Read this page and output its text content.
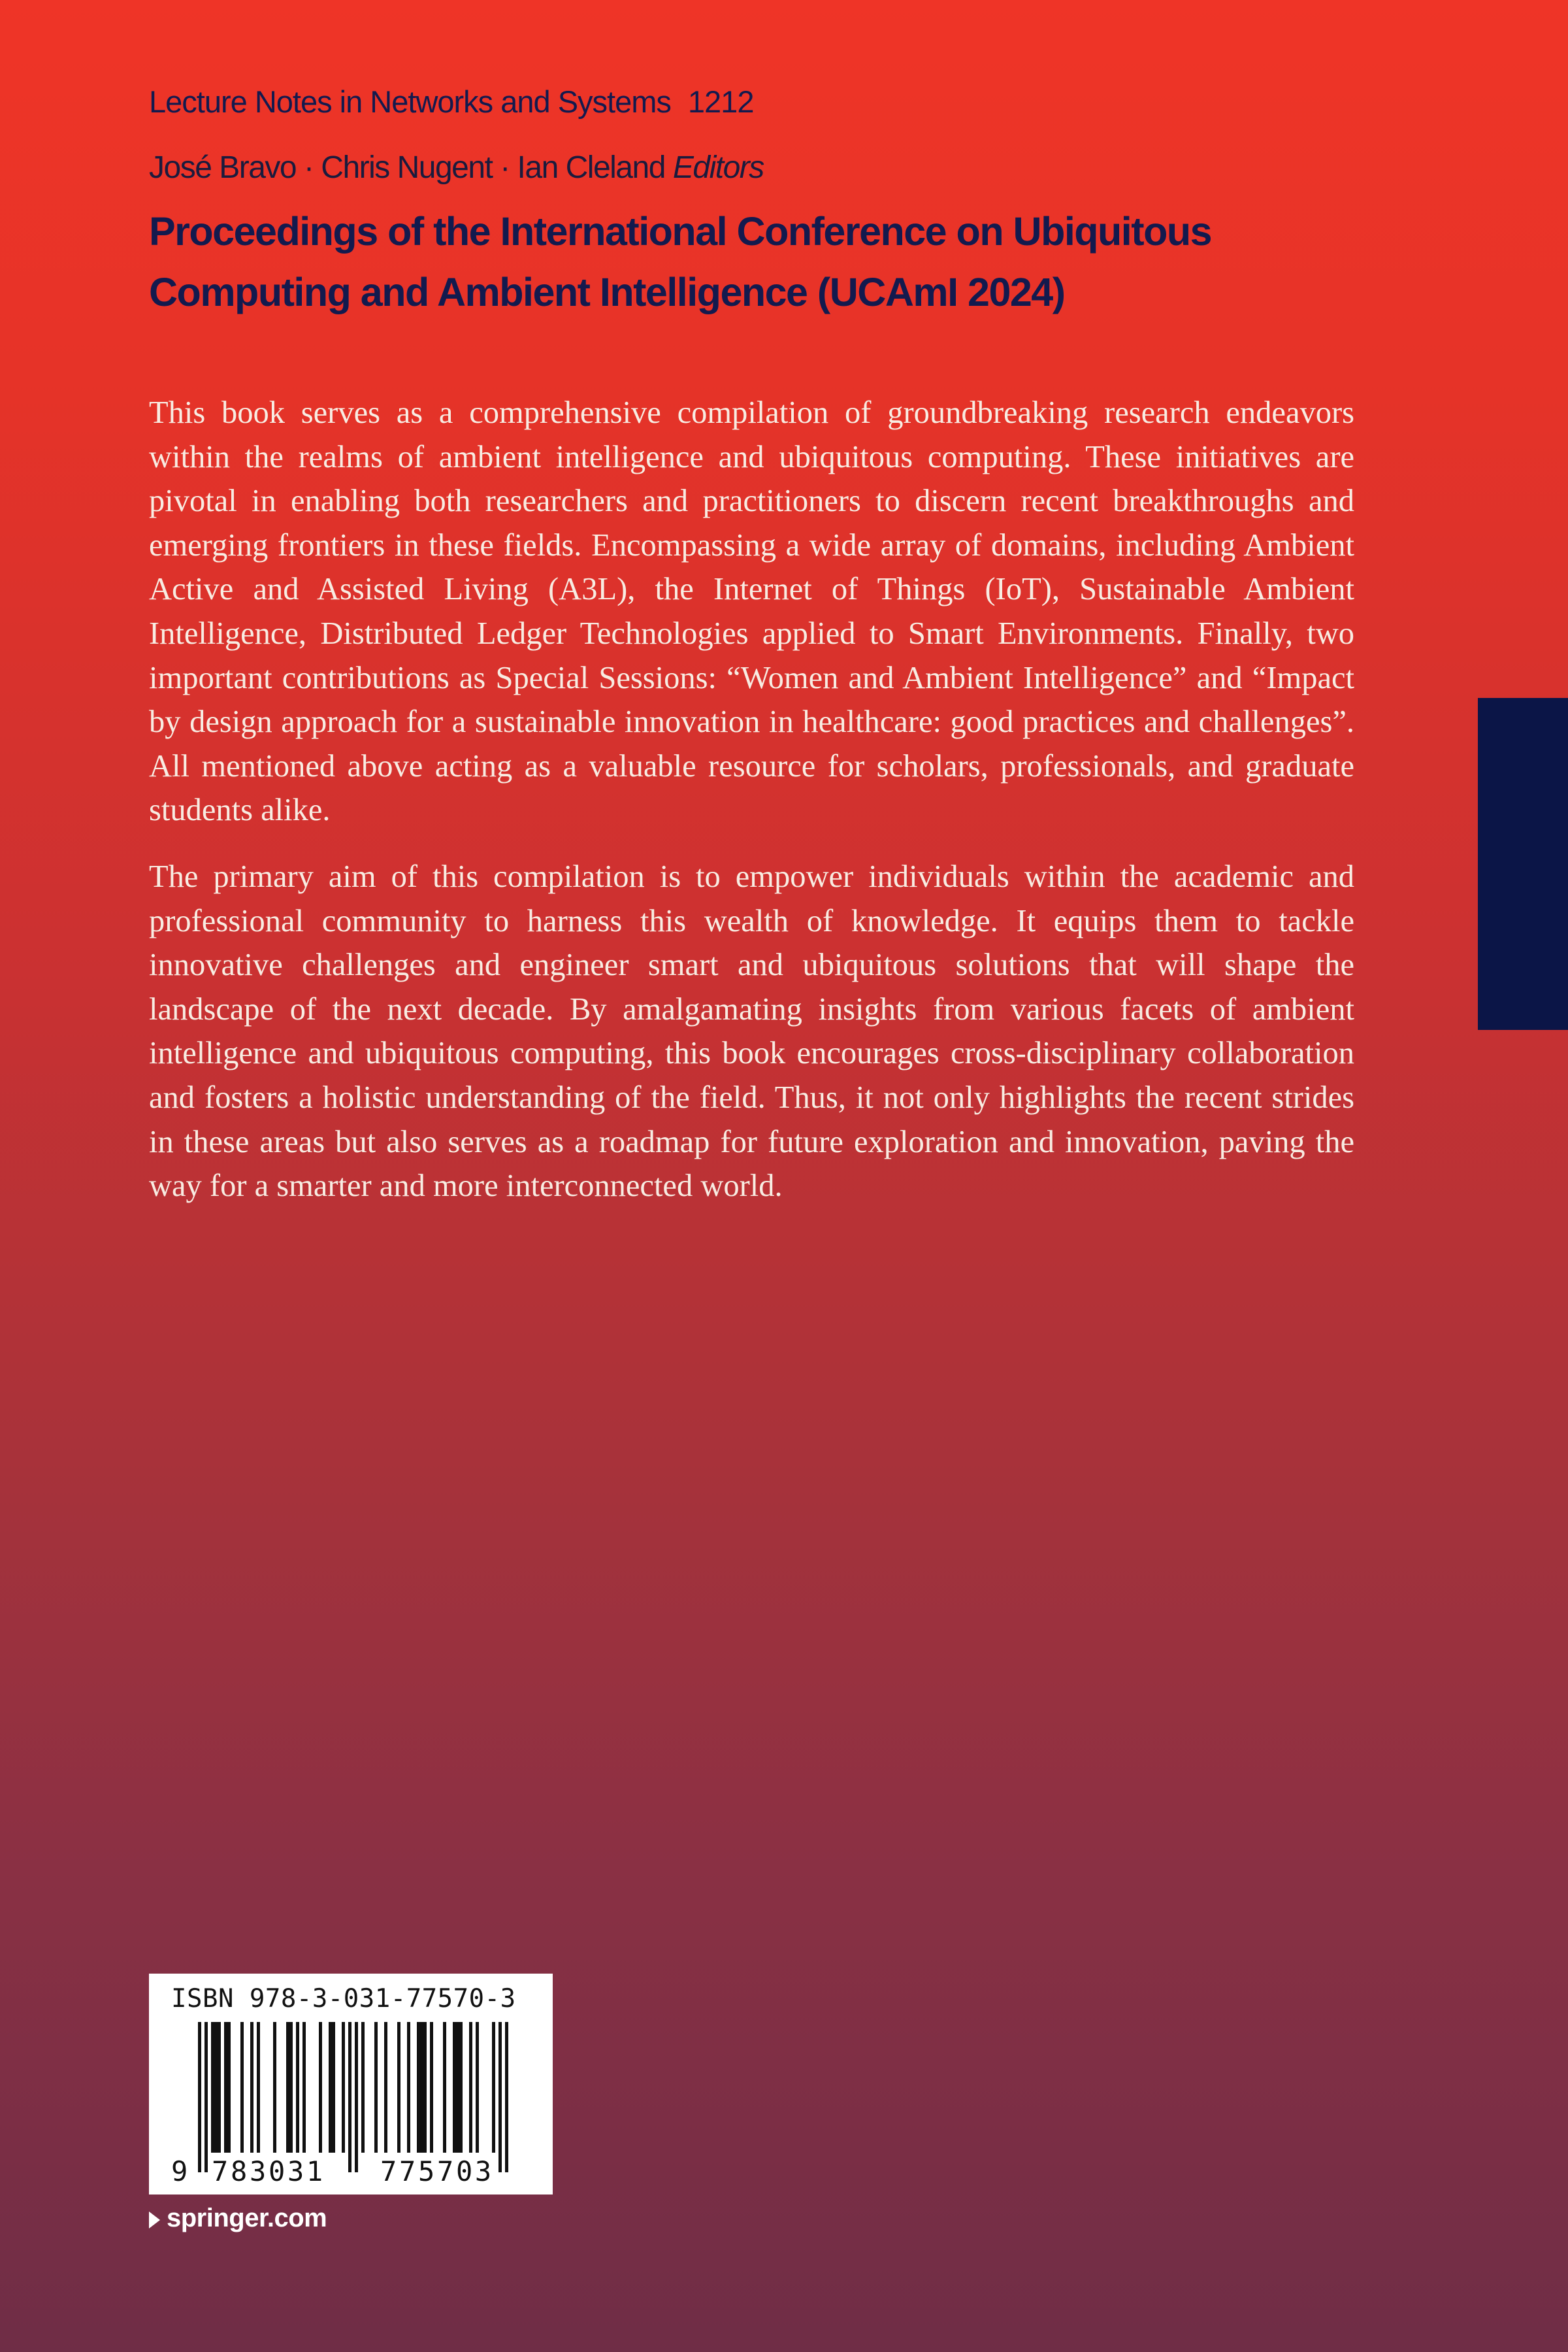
Lecture Notes in Networks and Systems 1212
José Bravo · Chris Nugent · Ian Cleland Editors
Proceedings of the International Conference on Ubiquitous
Computing and Ambient Intelligence (UCAmI 2024)

This book serves as a comprehensive compilation of groundbreaking research endeavors within the realms of ambient intelligence and ubiquitous computing. These initiatives are pivotal in enabling both researchers and practitioners to discern recent breakthroughs and emerging frontiers in these fields. Encompassing a wide array of domains, including Ambient Active and Assisted Living (A3L), the Internet of Things (IoT), Sustainable Ambient Intelligence, Distributed Ledger Technologies applied to Smart Environments. Finally, two important contributions as Special Sessions: “Women and Ambient Intelligence” and “Impact by design approach for a sustainable innovation in healthcare: good practices and challenges”. All mentioned above acting as a valuable resource for scholars, professionals, and graduate students alike.

The primary aim of this compilation is to empower individuals within the academic and professional community to harness this wealth of knowledge. It equips them to tackle innovative challenges and engineer smart and ubiquitous solutions that will shape the landscape of the next decade. By amalgamating insights from various facets of ambient intelligence and ubiquitous computing, this book encourages cross-disciplinary collaboration and fosters a holistic understanding of the field. Thus, it not only highlights the recent strides in these areas but also serves as a roadmap for future exploration and innovation, paving the way for a smarter and more interconnected world.

ISBN 978-3-031-77570-3
9 783031 775703
springer.com
